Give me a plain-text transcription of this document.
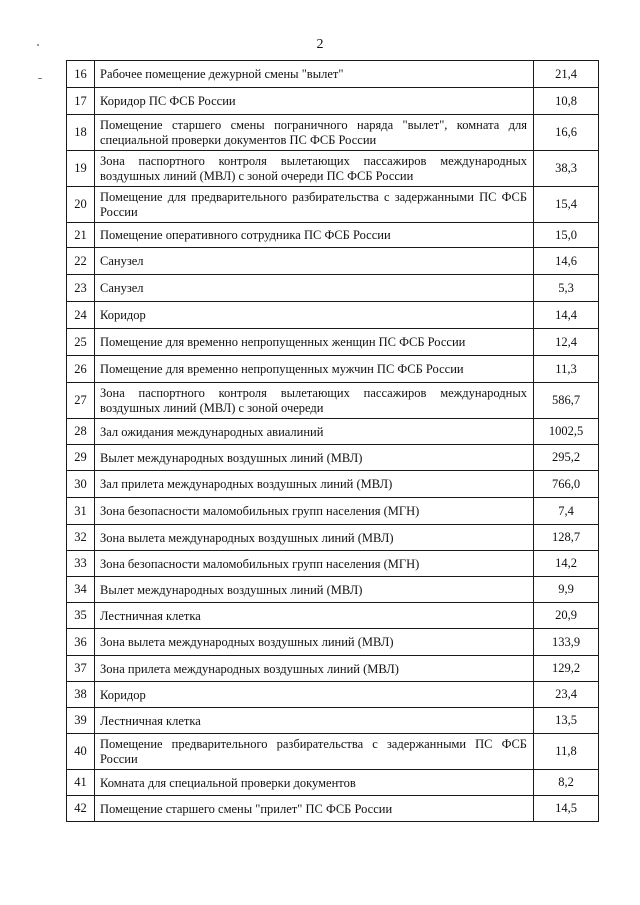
2
16	Рабочее помещение дежурной смены "вылет"	21,4
17	Коридор ПС ФСБ России	10,8
18	Помещение старшего смены пограничного наряда "вылет", комната для специальной проверки документов ПС ФСБ России	16,6
19	Зона паспортного контроля вылетающих пассажиров международных воздушных линий (МВЛ) с зоной очереди ПС ФСБ России	38,3
20	Помещение для предварительного разбирательства с задержанными ПС ФСБ России	15,4
21	Помещение оперативного сотрудника ПС ФСБ России	15,0
22	Санузел	14,6
23	Санузел	5,3
24	Коридор	14,4
25	Помещение для временно непропущенных женщин ПС ФСБ России	12,4
26	Помещение для временно непропущенных мужчин ПС ФСБ России	11,3
27	Зона паспортного контроля вылетающих пассажиров международных воздушных линий (МВЛ) с зоной очереди	586,7
28	Зал ожидания международных авиалиний	1002,5
29	Вылет международных воздушных линий (МВЛ)	295,2
30	Зал прилета международных воздушных линий (МВЛ)	766,0
31	Зона безопасности маломобильных групп населения (МГН)	7,4
32	Зона вылета международных воздушных линий (МВЛ)	128,7
33	Зона безопасности маломобильных групп населения (МГН)	14,2
34	Вылет международных воздушных линий (МВЛ)	9,9
35	Лестничная клетка	20,9
36	Зона вылета международных воздушных линий (МВЛ)	133,9
37	Зона прилета международных воздушных линий (МВЛ)	129,2
38	Коридор	23,4
39	Лестничная клетка	13,5
40	Помещение предварительного разбирательства с задержанными ПС ФСБ России	11,8
41	Комната для специальной проверки документов	8,2
42	Помещение старшего смены "прилет" ПС ФСБ России	14,5
